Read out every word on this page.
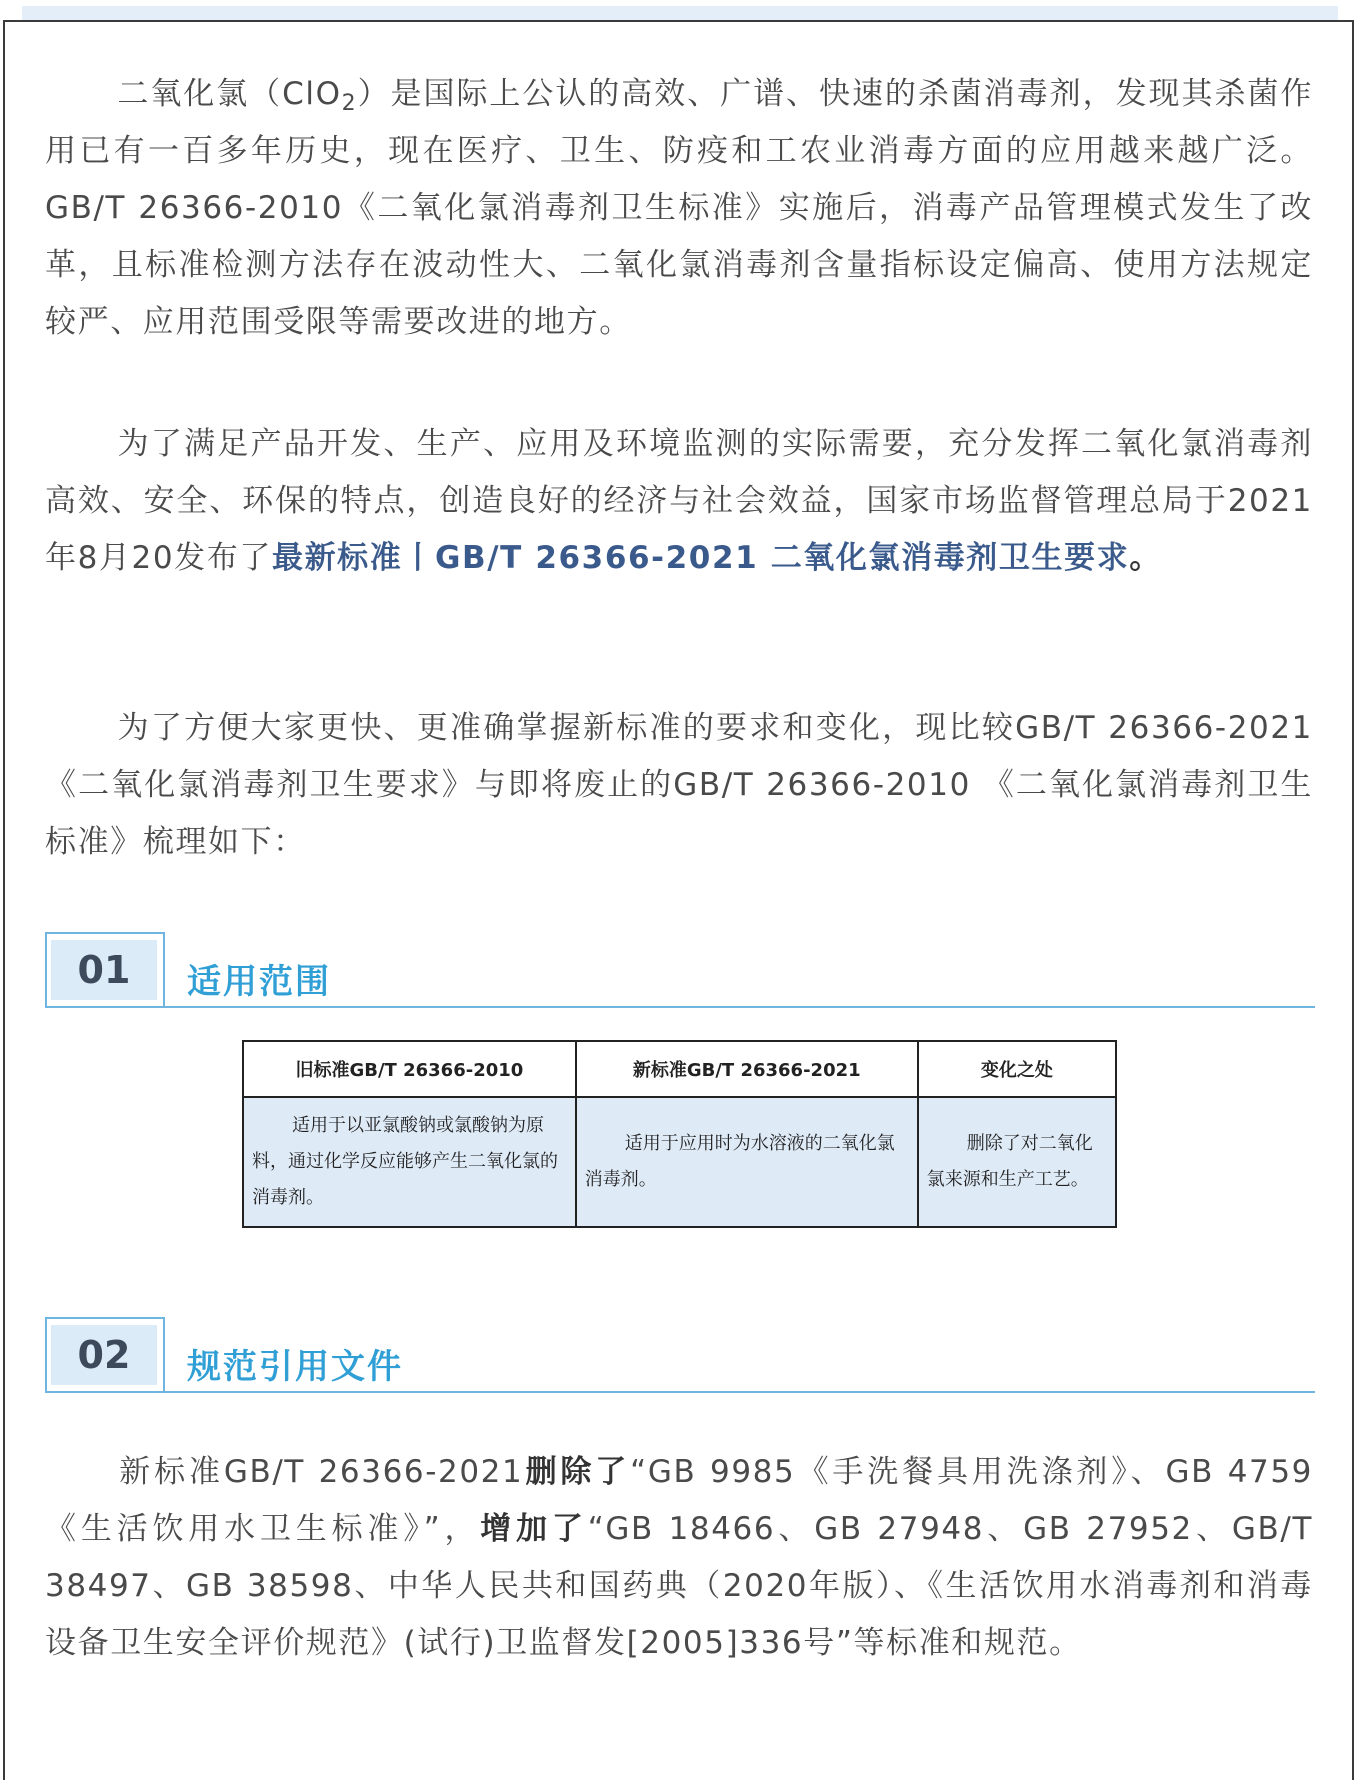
二氧化氯（ClO$_2$）是国际上公认的高效、广谱、快速的杀菌消毒剂，发现其杀菌作用已有一百多年历史，现在医疗、卫生、防疫和工农业消毒方面的应用越来越广泛。GB/T 26366-2010《二氧化氯消毒剂卫生标准》实施后，消毒产品管理模式发生了改革，且标准检测方法存在波动性大、二氧化氯消毒剂含量指标设定偏高、使用方法规定较严、应用范围受限等需要改进的地方。

为了满足产品开发、生产、应用及环境监测的实际需要，充分发挥二氧化氯消毒剂高效、安全、环保的特点，创造良好的经济与社会效益，国家市场监督管理总局于2021年8月20发布了最新标准丨GB/T 26366-2021 二氧化氯消毒剂卫生要求。

为了方便大家更快、更准确掌握新标准的要求和变化，现比较GB/T 26366-2021 《二氧化氯消毒剂卫生要求》与即将废止的GB/T 26366-2010 《二氧化氯消毒剂卫生标准》梳理如下：

01	适用范围
旧标准GB/T 26366-2010	新标准GB/T 26366-2021	变化之处
适用于以亚氯酸钠或氯酸钠为原料，通过化学反应能够产生二氧化氯的消毒剂。	适用于应用时为水溶液的二氧化氯消毒剂。	删除了对二氧化氯来源和生产工艺。
02	规范引用文件

新标准GB/T 26366-2021删除了“GB 9985《手洗餐具用洗涤剂》、GB 4759《生活饮用水卫生标准》”，增加了“GB 18466、GB 27948、GB 27952、GB/T 38497、GB 38598、中华人民共和国药典（2020年版）、《生活饮用水消毒剂和消毒设备卫生安全评价规范》(试行)卫监督发[2005]336号”等标准和规范。
